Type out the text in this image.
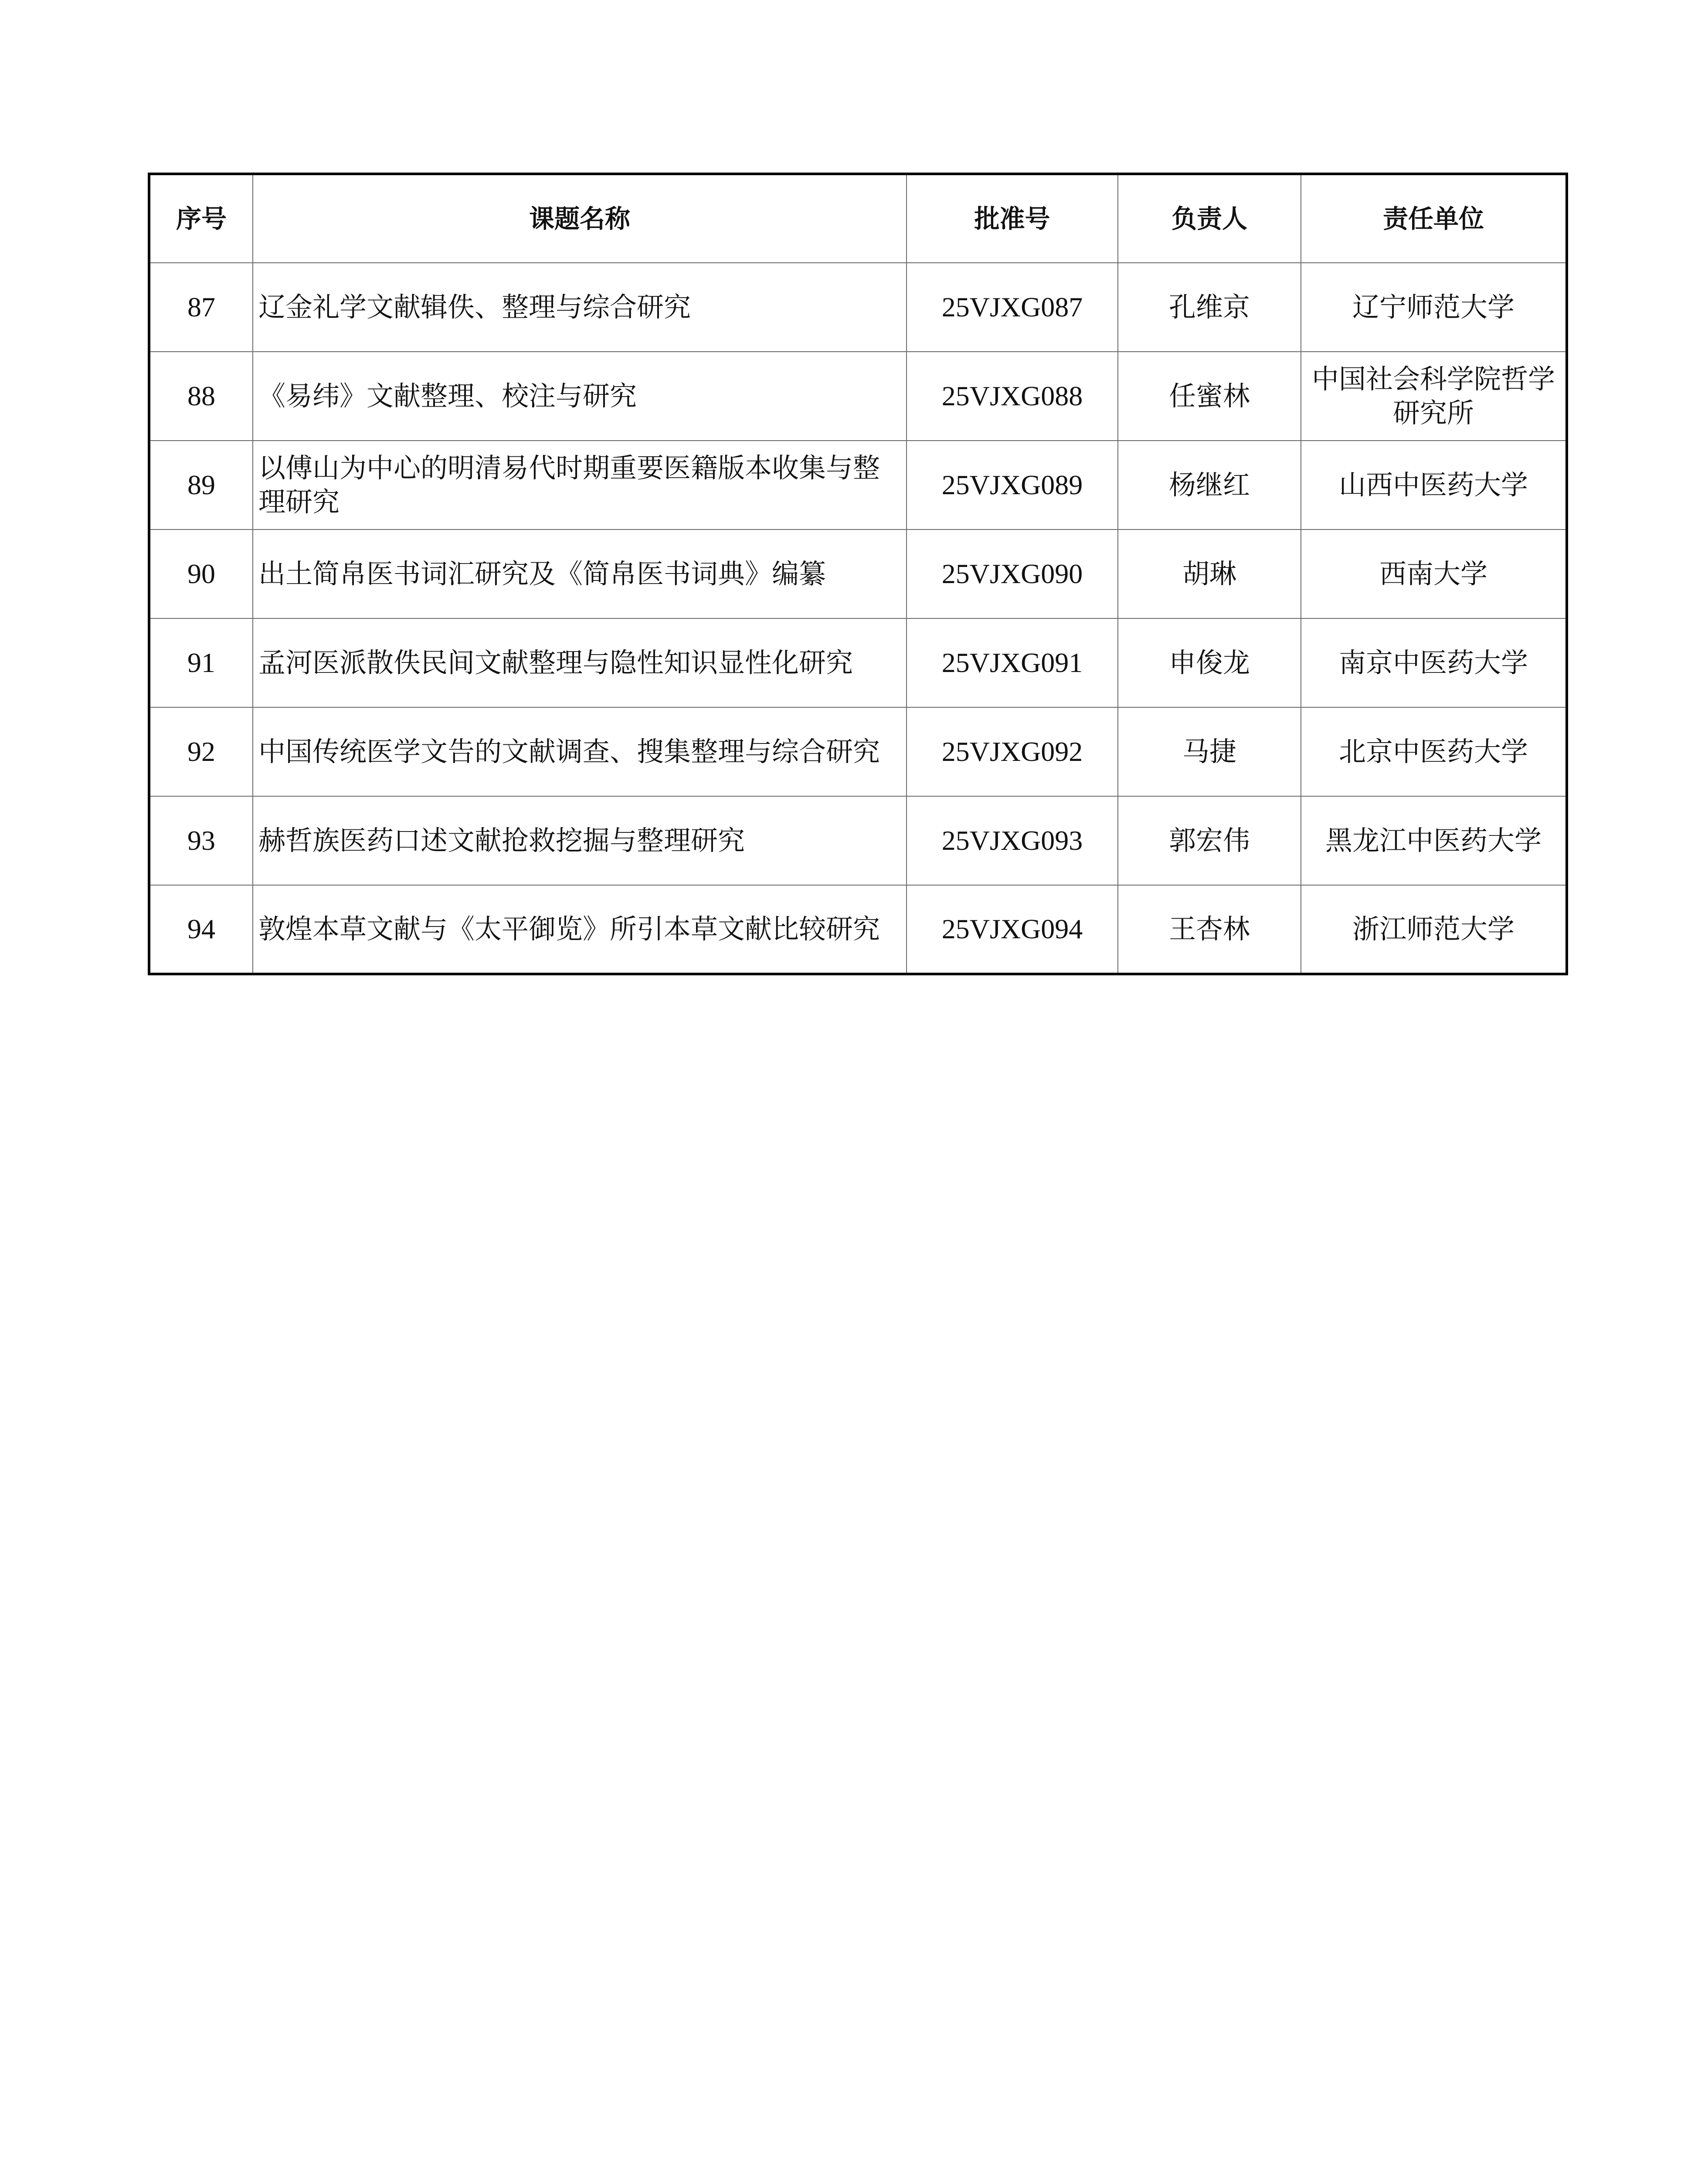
序号	课题名称	批准号	负责人	责任单位
87	辽金礼学文献辑佚、整理与综合研究	25VJXG087	孔维京	辽宁师范大学
88	《易纬》文献整理、校注与研究	25VJXG088	任蜜林	中国社会科学院哲学研究所
89	以傅山为中心的明清易代时期重要医籍版本收集与整理研究	25VJXG089	杨继红	山西中医药大学
90	出土简帛医书词汇研究及《简帛医书词典》编纂	25VJXG090	胡琳	西南大学
91	孟河医派散佚民间文献整理与隐性知识显性化研究	25VJXG091	申俊龙	南京中医药大学
92	中国传统医学文告的文献调查、搜集整理与综合研究	25VJXG092	马捷	北京中医药大学
93	赫哲族医药口述文献抢救挖掘与整理研究	25VJXG093	郭宏伟	黑龙江中医药大学
94	敦煌本草文献与《太平御览》所引本草文献比较研究	25VJXG094	王杏林	浙江师范大学
